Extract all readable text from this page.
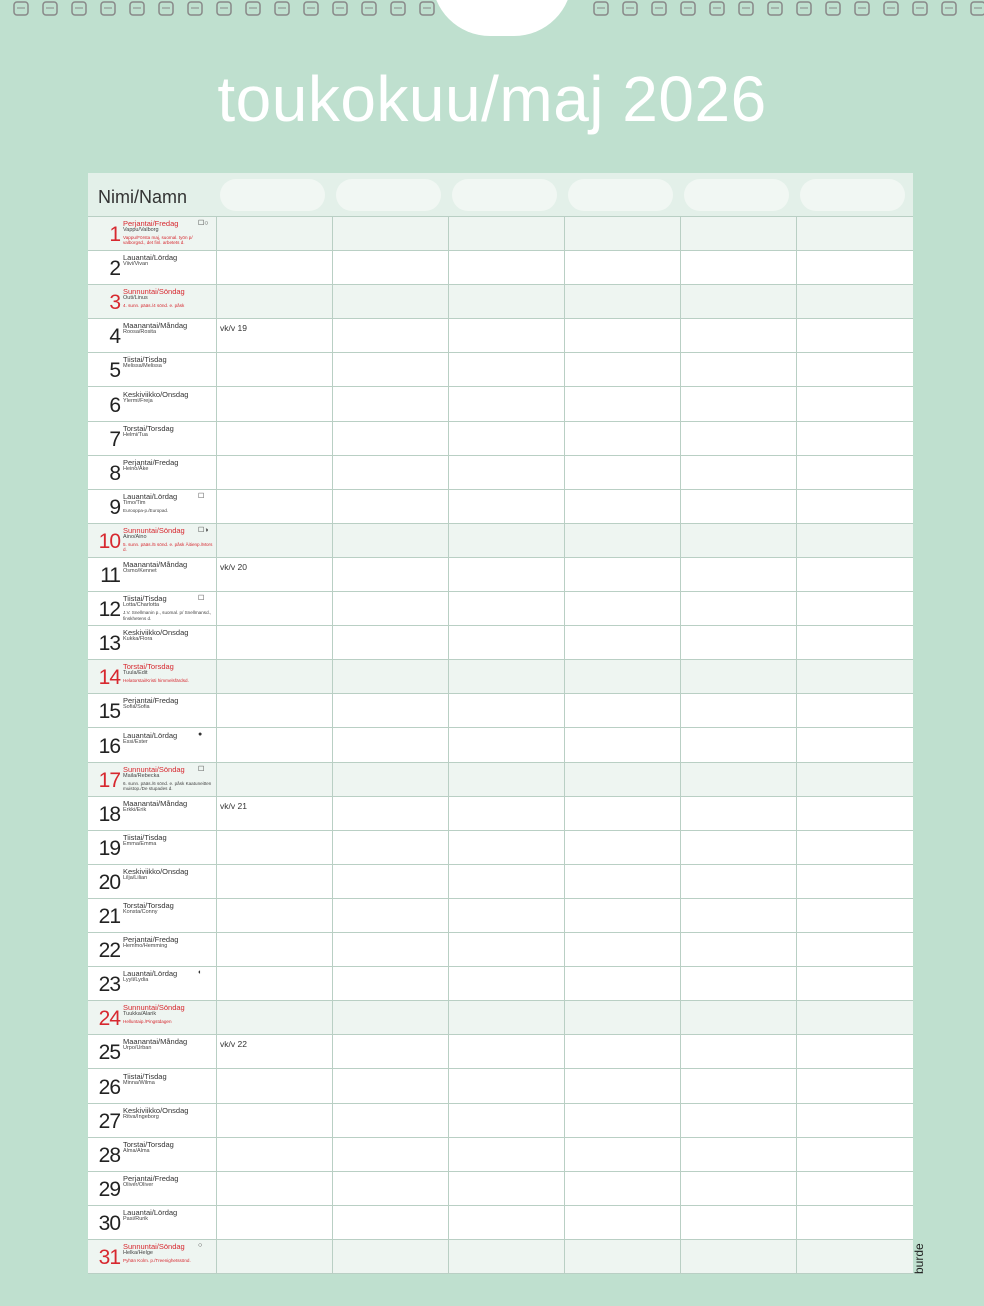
toukokuu/maj 2026
Nimi/Namn
1 Perjantai/Fredag
Vappu/Valborg
Vappu/Första maj, suomal. työn p/ valborgsd., det finl. arbetets d.
☐○
2 Lauantai/Lördag
Viivi/Vivan
3 Sunnuntai/Söndag
Outi/Linus
4. sunn. pääs./4 sönd. e. påsk
4 Maanantai/Måndag
Roosa/Rosita	vk/v 19
5 Tiistai/Tisdag
Melissa/Melissa
6 Keskiviikko/Onsdag
Ylermi/Freja
7 Torstai/Torsdag
Helmi/Tua
8 Perjantai/Fredag
Heino/Åke
9 Lauantai/Lördag
Timo/Tim
Eurooppa-p./Europad.
☐
10 Sunnuntai/Söndag
Aino/Aino
5. sunn. pääs./5 sönd. e. påsk Äitienp./Mors d.
☐◑
11 Maanantai/Måndag
Osmo/Kennet	vk/v 20
12 Tiistai/Tisdag
Lotta/Charlotta
J.V. Snellmanin p., suomal. p/ Snellmansd., finskhetens d.
☐
13 Keskiviikko/Onsdag
Kukka/Flora
14 Torstai/Torsdag
Tuula/Edit
Helatorstai/Kristi himmelsfärdsd.
15 Perjantai/Fredag
Sofia/Sofia
16 Lauantai/Lördag
Essi/Ester
●
17 Sunnuntai/Söndag
Maila/Rebecka
6. sunn. pääs./6 sönd. e. påsk Kaatuneitten muistop./De stupades d.
☐
18 Maanantai/Måndag
Erkki/Erik	vk/v 21
19 Tiistai/Tisdag
Emma/Emma
20 Keskiviikko/Onsdag
Lilja/Lilian
21 Torstai/Torsdag
Konsta/Conny
22 Perjantai/Fredag
Hemmo/Hemming
23 Lauantai/Lördag
Lyyli/Lydia
◐
24 Sunnuntai/Söndag
Tuukka/Alarik
Helluntaip./Pingstdagen
25 Maanantai/Måndag
Urpo/Urban	vk/v 22
26 Tiistai/Tisdag
Minna/Wilma
27 Keskiviikko/Onsdag
Ritva/Ingeborg
28 Torstai/Torsdag
Alma/Alma
29 Perjantai/Fredag
Oliver/Oliver
30 Lauantai/Lördag
Pasi/Rurik
31 Sunnuntai/Söndag
Helka/Helge
Pyhän Kolm. p./Treenighetssönd.
○	burde
